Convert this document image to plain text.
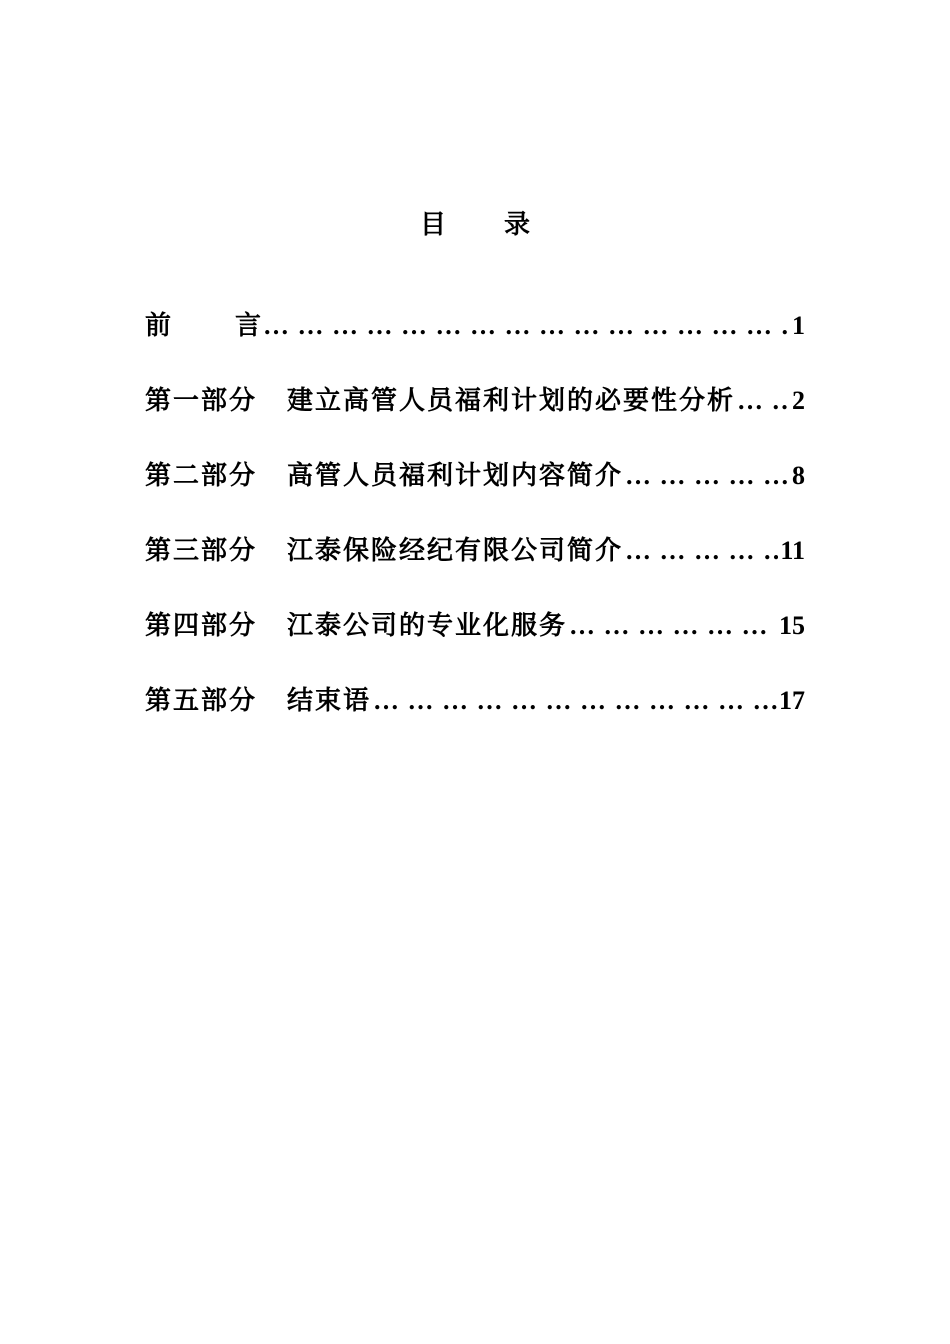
目 录
前 言 … … … … … … … … … … … … … … … … … … … … … … … … … … … … … … … …	1
第一部分 建立高管人员福利计划的必要性分析 … … … … … … … … … … … … … … … … … … … … … … … … … … … … … … … … 2
第二部分 高管人员福利计划内容简介 … … … … … … … … … … … … … … … … … … … … … … … … … … … … … … … …	8
第三部分 江泰保险经纪有限公司简介 … … … … … … … … … … … … … … … … … … … … … … … … … … … … … … … …	11
第四部分 江泰公司的专业化服务 … … … … … … … … … … … … … … … … … … … … … … … … … … … … … … … …	15
第五部分 结束语 … … … … … … … … … … … … … … … … … … … … … … … … … … … … … … … …	17
